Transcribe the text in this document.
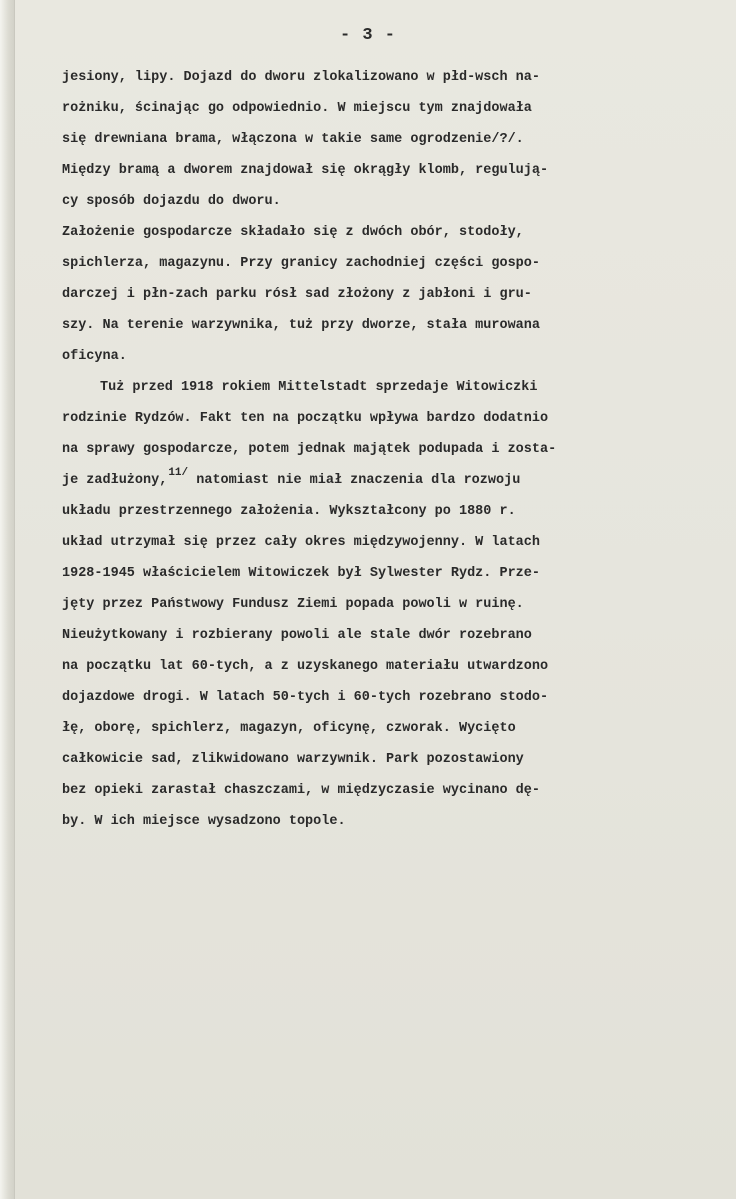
- 3 -
jesiony, lipy. Dojazd do dworu zlokalizowano w płd-wsch na-
rożniku, ścinając go odpowiednio. W miejscu tym znajdowała
się drewniana brama, włączona w takie same ogrodzenie/?/.
Między bramą a dworem znajdował się okrągły klomb, regulują-
cy sposób dojazdu do dworu.
Założenie gospodarcze składało się z dwóch obór, stodoły,
spichlerza, magazynu. Przy granicy zachodniej części gospo-
darczej i płn-zach parku rósł sad złożony z jabłoni i gru-
szy. Na terenie warzywnika, tuż przy dworze, stała murowana
oficyna.
Tuż przed 1918 rokiem Mittelstadt sprzedaje Witowiczki
rodzinie Rydzów. Fakt ten na początku wpływa bardzo dodatnio
na sprawy gospodarcze, potem jednak majątek podupada i zosta-
je zadłużony,$^{11/}$ natomiast nie miał znaczenia dla rozwoju
układu przestrzennego założenia. Wykształcony po 1880 r.
układ utrzymał się przez cały okres międzywojenny. W latach
1928-1945 właścicielem Witowiczek był Sylwester Rydz. Prze-
jęty przez Państwowy Fundusz Ziemi popada powoli w ruinę.
Nieużytkowany i rozbierany powoli ale stale dwór rozebrano
na początku lat 60-tych, a z uzyskanego materiału utwardzono
dojazdowe drogi. W latach 50-tych i 60-tych rozebrano stodo-
łę, oborę, spichlerz, magazyn, oficynę, czworak. Wycięto
całkowicie sad, zlikwidowano warzywnik. Park pozostawiony
bez opieki zarastał chaszczami, w międzyczasie wycinano dę-
by. W ich miejsce wysadzono topole.
